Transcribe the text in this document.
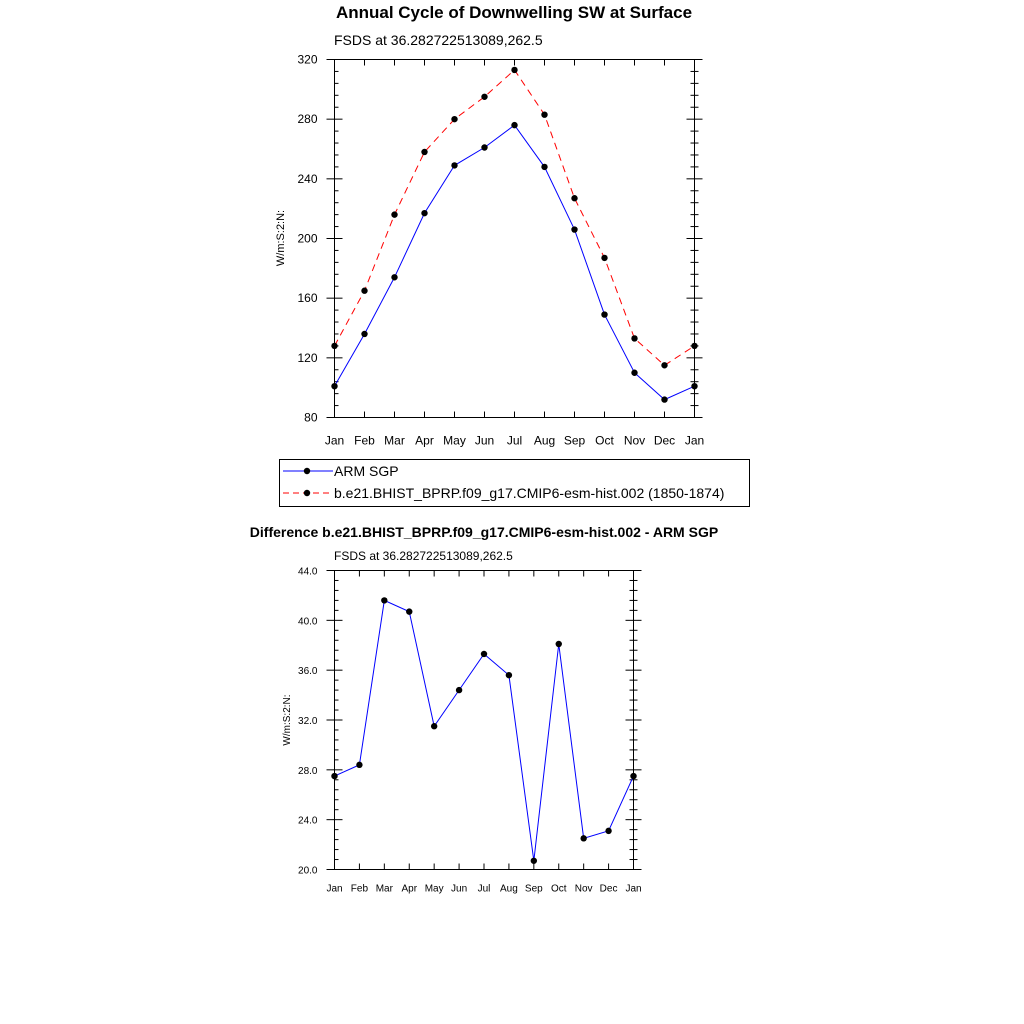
Annual Cycle of Downwelling SW at Surface
FSDS at 36.282722513089,262.5
W/m:S:2:N:
Jan Feb Mar Apr May Jun Jul Aug Sep Oct Nov Dec Jan
80
120
160
200
240
280
320
ARM SGP
b.e21.BHIST_BPRP.f09_g17.CMIP6-esm-hist.002 (1850-1874)
Difference b.e21.BHIST_BPRP.f09_g17.CMIP6-esm-hist.002 - ARM SGP
FSDS at 36.282722513089,262.5
W/m:S:2:N:
Jan Feb Mar Apr May Jun Jul Aug Sep Oct Nov Dec Jan
20.0
24.0
28.0
32.0
36.0
40.0
44.0
